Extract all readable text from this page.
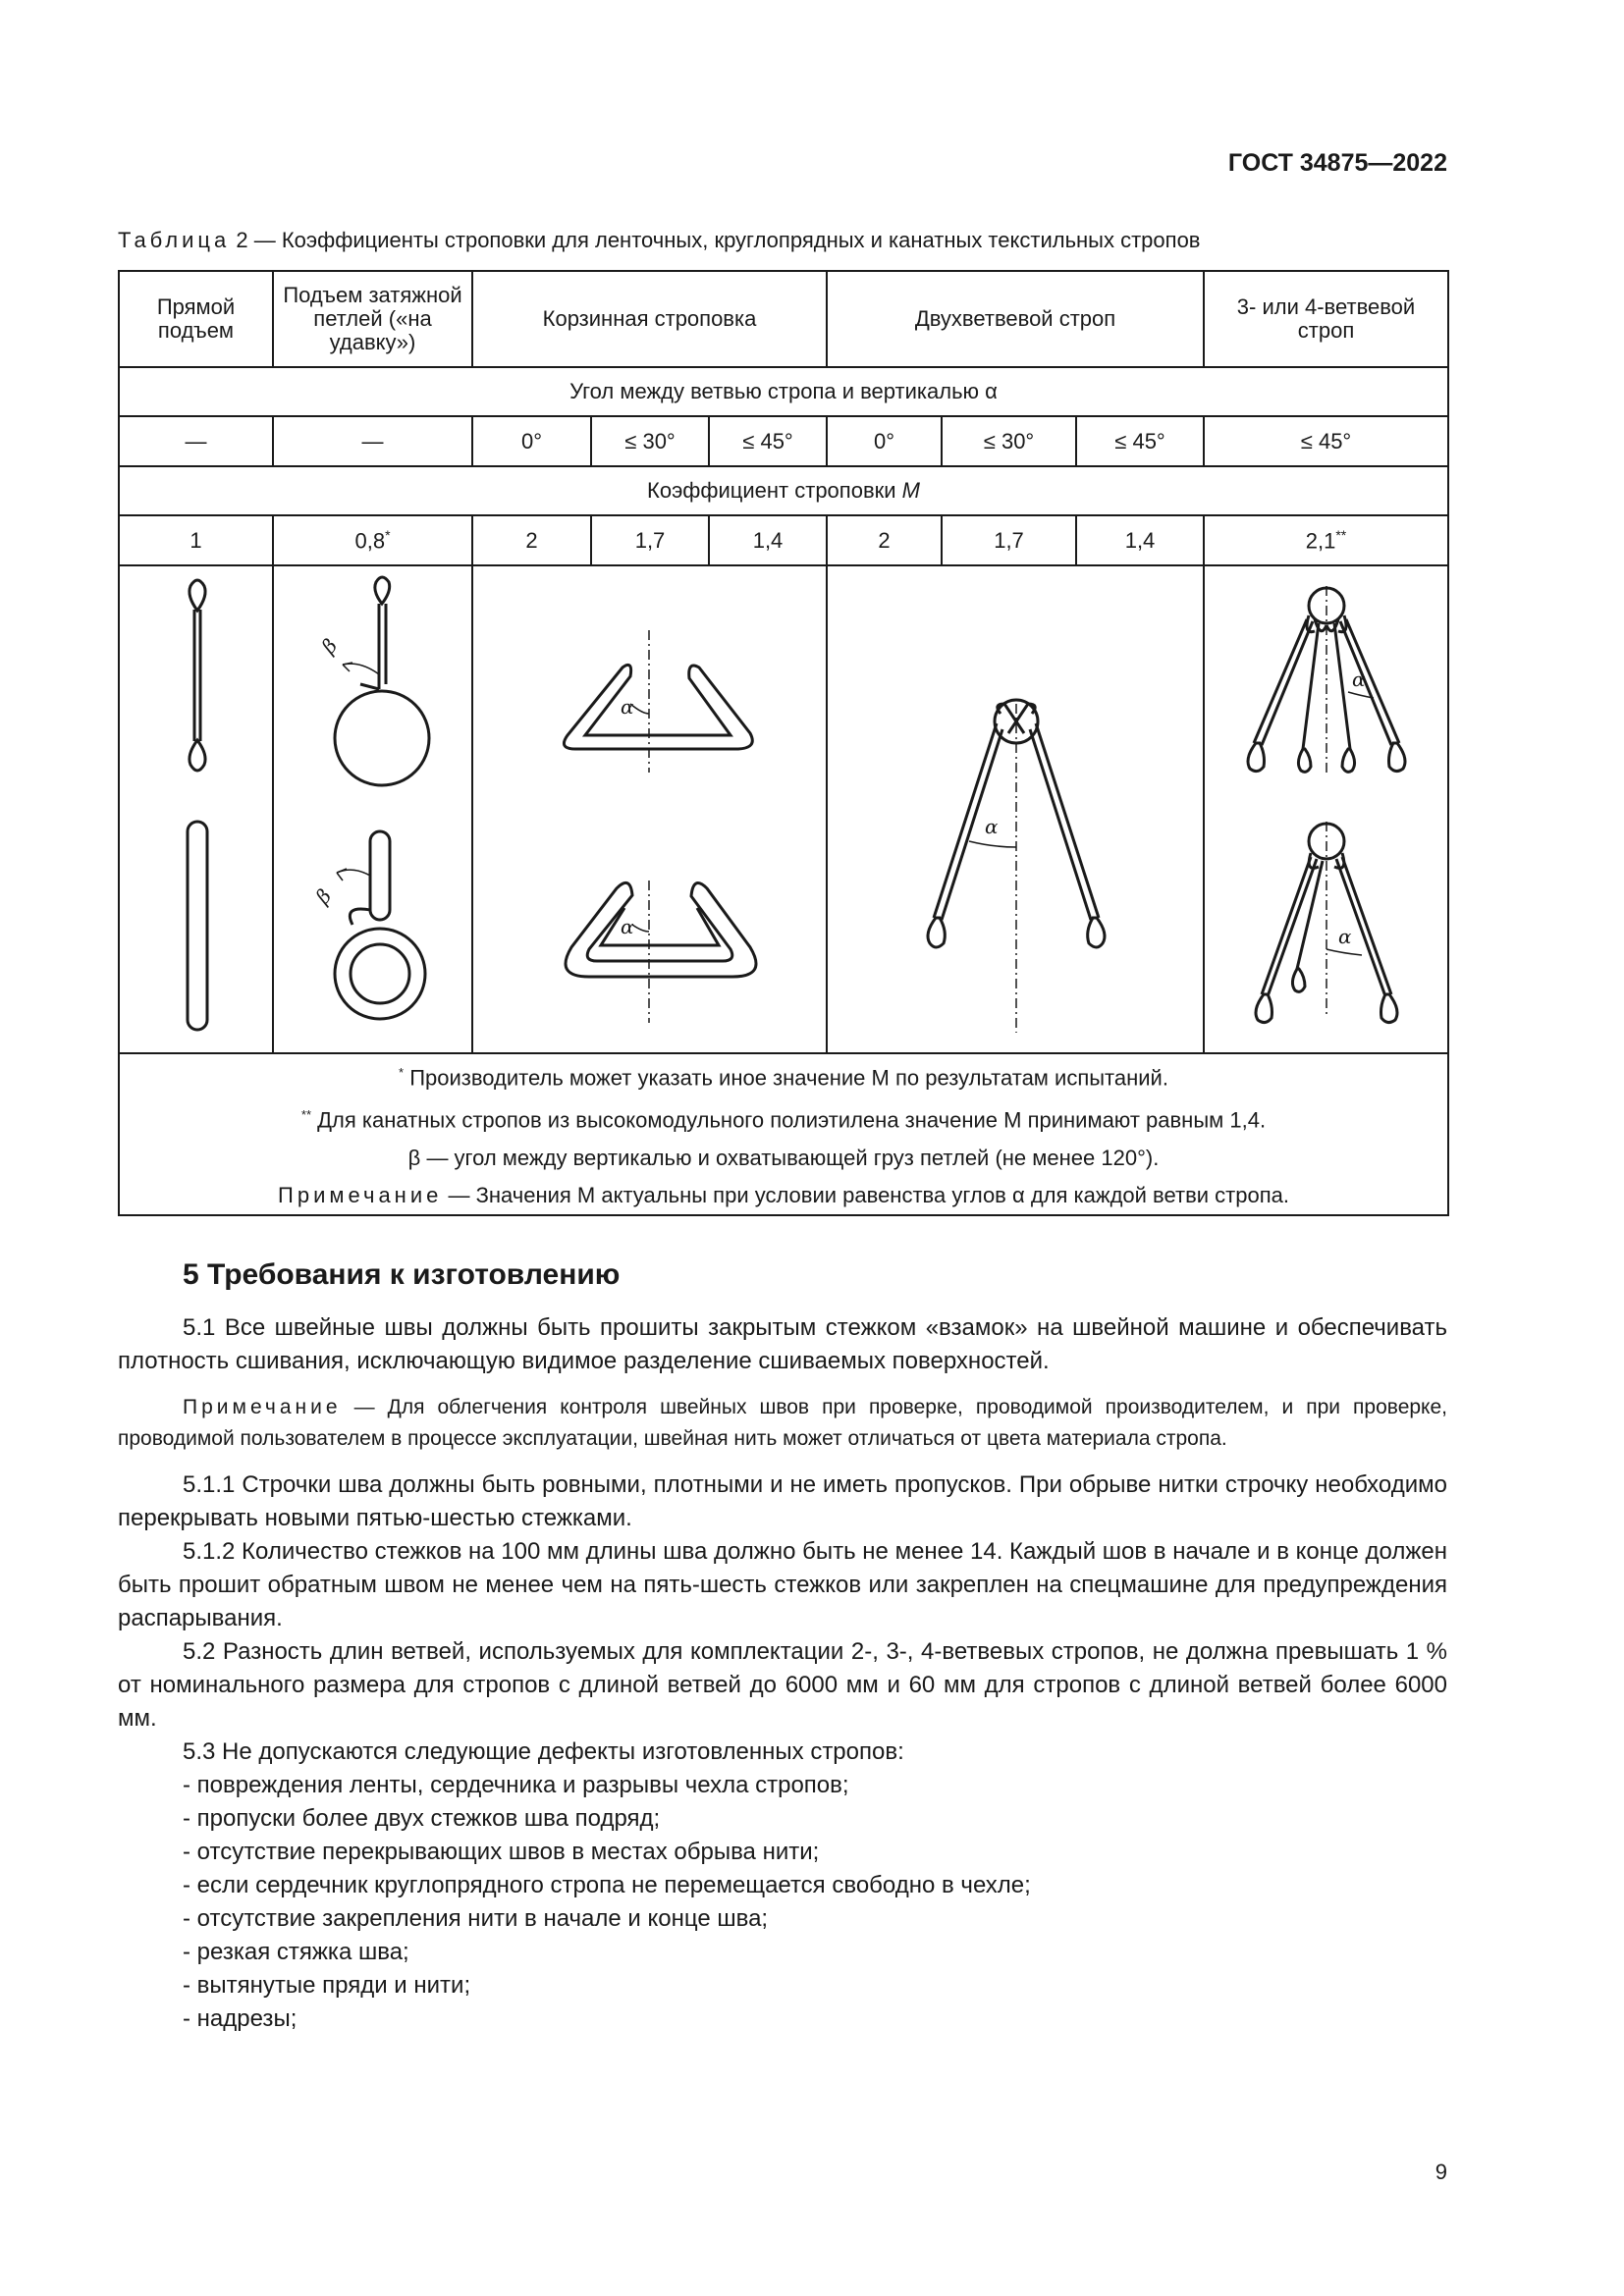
ГОСТ 34875—2022
Таблица 2 — Коэффициенты строповки для ленточных, круглопрядных и канатных текстильных стропов
Прямой подъем	Подъем затяжной петлей («на удавку»)	Корзинная строповка			Двухветвевой строп			3- или 4-ветвевой строп

Угол между ветвью стропа и вертикалью α								
—	—	0°	≤ 30°	≤ 45°	0°	≤ 30°	≤ 45°	≤ 45°
Коэффициент строповки M								
1	0,8*	2	1,7	1,4	2	1,7	1,4	2,1**

β
β	α
α			α			α
α

* Производитель может указать иное значение М по результатам испытаний.
** Для канатных стропов из высокомодульного полиэтилена значение М принимают равным 1,4.
β — угол между вертикалью и охватывающей груз петлей (не менее 120°).
Примечание — Значения М актуальны при условии равенства углов α для каждой ветви стропа.								
5 Требования к изготовлению

5.1 Все швейные швы должны быть прошиты закрытым стежком «взамок» на швейной машине и обеспечивать плотность сшивания, исключающую видимое разделение сшиваемых поверхностей.

Примечание — Для облегчения контроля швейных швов при проверке, проводимой производителем, и при проверке, проводимой пользователем в процессе эксплуатации, швейная нить может отличаться от цвета материала стропа.

5.1.1 Строчки шва должны быть ровными, плотными и не иметь пропусков. При обрыве нитки строчку необходимо перекрывать новыми пятью-шестью стежками.

5.1.2 Количество стежков на 100 мм длины шва должно быть не менее 14. Каждый шов в начале и в конце должен быть прошит обратным швом не менее чем на пять-шесть стежков или закреплен на спецмашине для предупреждения распарывания.

5.2 Разность длин ветвей, используемых для комплектации 2-, 3-, 4-ветвевых стропов, не должна превышать 1 % от номинального размера для стропов с длиной ветвей до 6000 мм и 60 мм для стропов с длиной ветвей более 6000 мм.

5.3 Не допускаются следующие дефекты изготовленных стропов:

- повреждения ленты, сердечника и разрывы чехла стропов;
- пропуски более двух стежков шва подряд;
- отсутствие перекрывающих швов в местах обрыва нити;
- если сердечник круглопрядного стропа не перемещается свободно в чехле;
- отсутствие закрепления нити в начале и конце шва;
- резкая стяжка шва;
- вытянутые пряди и нити;
- надрезы;
9
